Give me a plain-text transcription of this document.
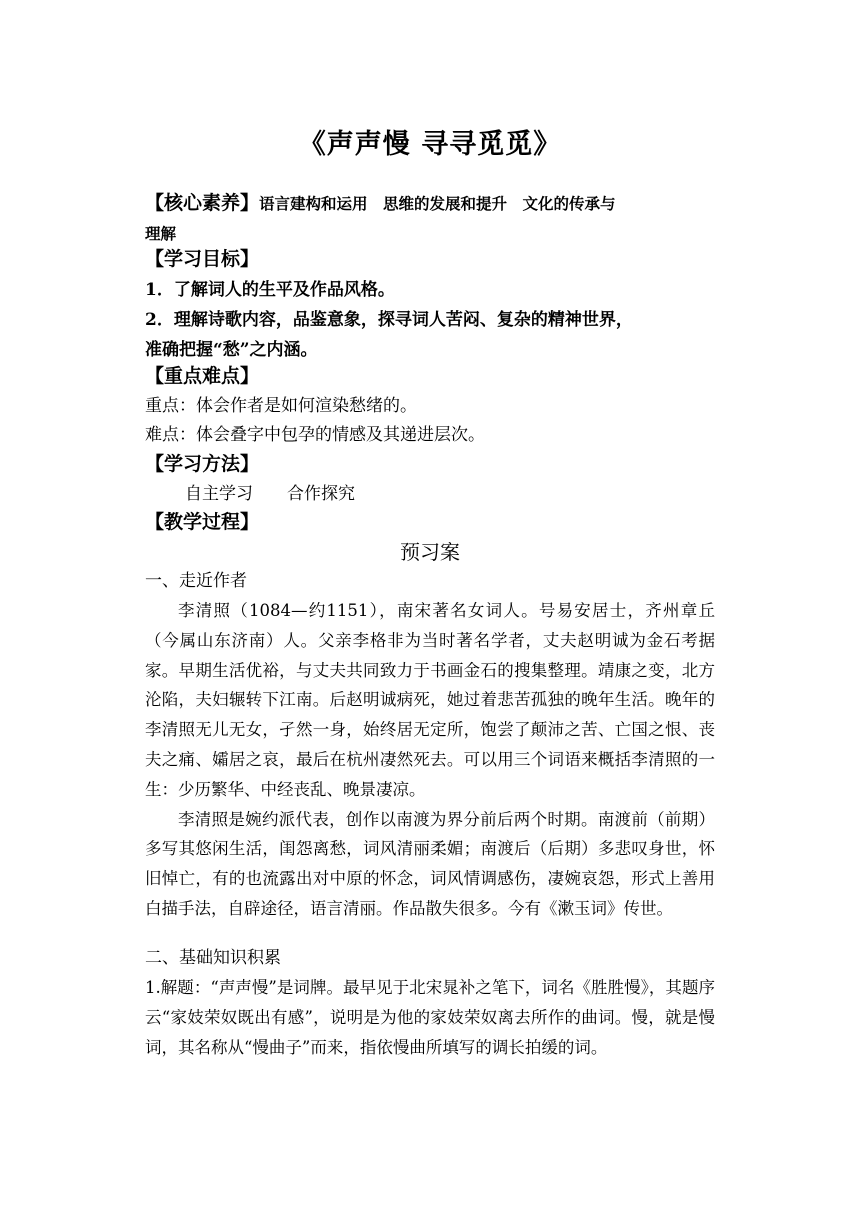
《声声慢 寻寻觅觅》
【核心素养】语言建构和运用　思维的发展和提升　文化的传承与
理解
【学习目标】
1．了解词人的生平及作品风格。
2．理解诗歌内容，品鉴意象，探寻词人苦闷、复杂的精神世界，
准确把握“愁”之内涵。
【重点难点】
重点：体会作者是如何渲染愁绪的。
难点：体会叠字中包孕的情感及其递进层次。
【学习方法】
自主学习　　合作探究
【教学过程】
预习案
一、走近作者
李清照（1084—约1151），南宋著名女词人。号易安居士，齐州章丘（今属山东济南）人。父亲李格非为当时著名学者，丈夫赵明诚为金石考据家。早期生活优裕，与丈夫共同致力于书画金石的搜集整理。靖康之变，北方沦陷，夫妇辗转下江南。后赵明诚病死，她过着悲苦孤独的晚年生活。晚年的李清照无儿无女，孑然一身，始终居无定所，饱尝了颠沛之苦、亡国之恨、丧夫之痛、孀居之哀，最后在杭州凄然死去。可以用三个词语来概括李清照的一生：少历繁华、中经丧乱、晚景凄凉。
李清照是婉约派代表，创作以南渡为界分前后两个时期。南渡前（前期）多写其悠闲生活，闺怨离愁，词风清丽柔媚；南渡后（后期）多悲叹身世，怀旧悼亡，有的也流露出对中原的怀念，词风情调感伤，凄婉哀怨，形式上善用白描手法，自辟途径，语言清丽。作品散失很多。今有《漱玉词》传世。
二、基础知识积累
1.解题：“声声慢”是词牌。最早见于北宋晁补之笔下，词名《胜胜慢》，其题序云“家妓荣奴既出有感”，说明是为他的家妓荣奴离去所作的曲词。慢，就是慢词，其名称从“慢曲子”而来，指依慢曲所填写的调长拍缓的词。
